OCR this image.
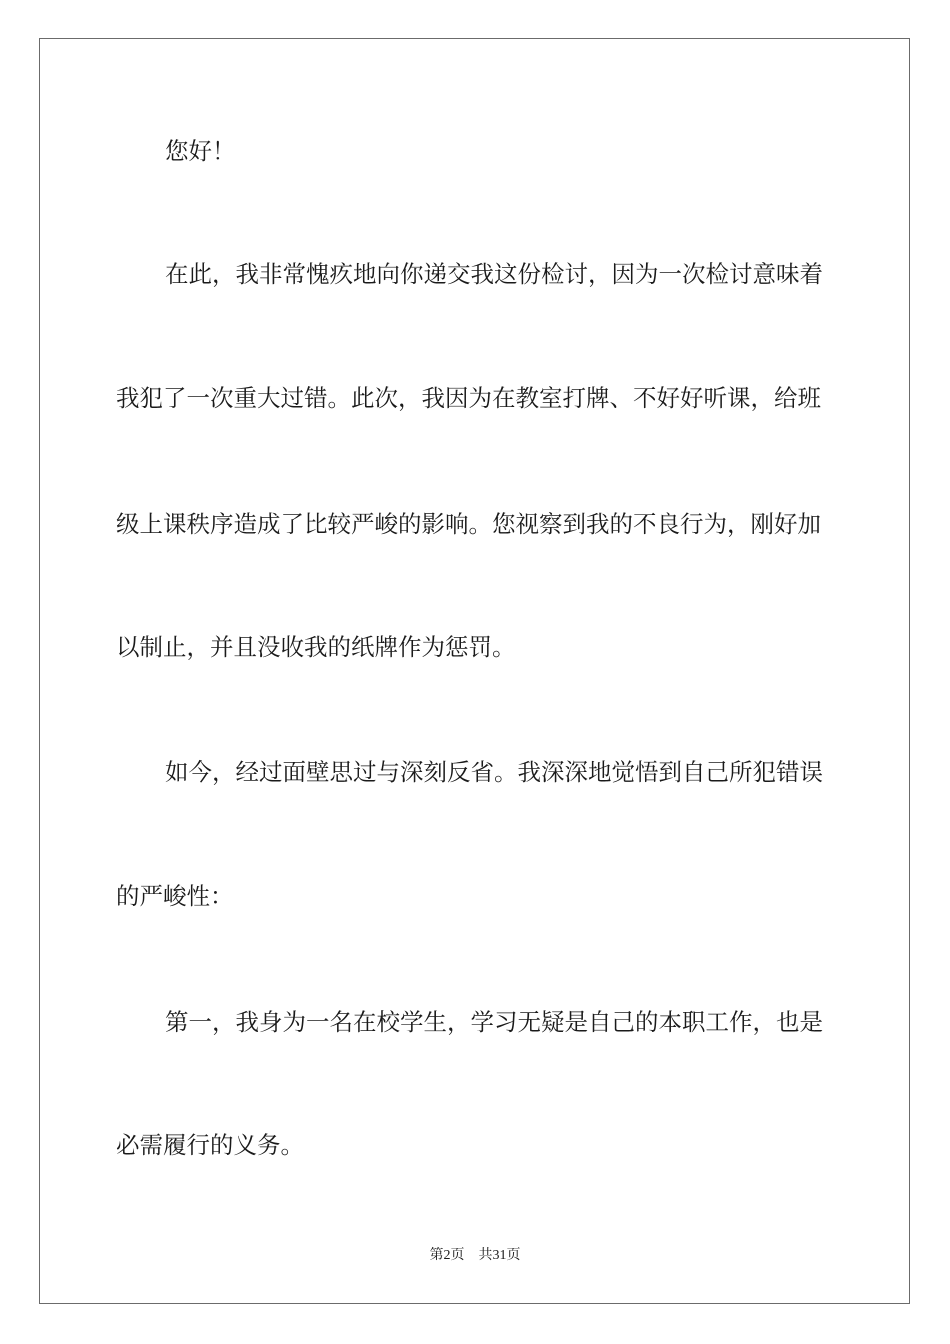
您好！

在此，我非常愧疚地向你递交我这份检讨，因为一次检讨意味着

我犯了一次重大过错。此次，我因为在教室打牌、不好好听课，给班

级上课秩序造成了比较严峻的影响。您视察到我的不良行为，刚好加

以制止，并且没收我的纸牌作为惩罚。

如今，经过面壁思过与深刻反省。我深深地觉悟到自己所犯错误

的严峻性：

第一，我身为一名在校学生，学习无疑是自己的本职工作，也是

必需履行的义务。

第2页 共31页
